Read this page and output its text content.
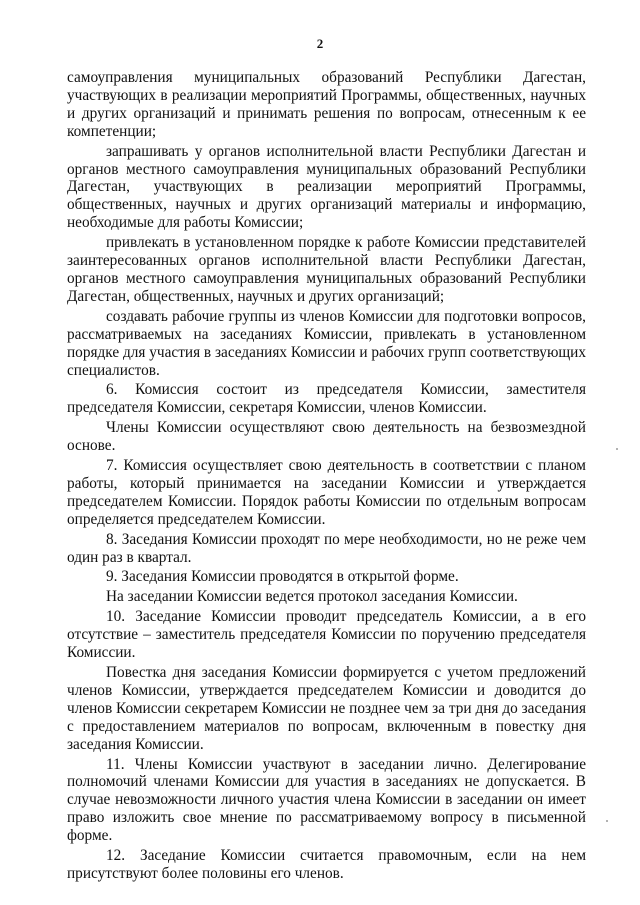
2

самоуправления муниципальных образований Республики Дагестан, участвующих в реализации мероприятий Программы, общественных, научных и других организаций и принимать решения по вопросам, отнесенным к ее компетенции;

запрашивать у органов исполнительной власти Республики Дагестан и органов местного самоуправления муниципальных образований Республики Дагестан, участвующих в реализации мероприятий Программы, общественных, научных и других организаций материалы и информацию, необходимые для работы Комиссии;

привлекать в установленном порядке к работе Комиссии представителей заинтересованных органов исполнительной власти Республики Дагестан, органов местного самоуправления муниципальных образований Республики Дагестан, общественных, научных и других организаций;

создавать рабочие группы из членов Комиссии для подготовки вопросов, рассматриваемых на заседаниях Комиссии, привлекать в установленном порядке для участия в заседаниях Комиссии и рабочих групп соответствующих специалистов.

6. Комиссия состоит из председателя Комиссии, заместителя председателя Комиссии, секретаря Комиссии, членов Комиссии.

Члены Комиссии осуществляют свою деятельность на безвозмездной основе.

7. Комиссия осуществляет свою деятельность в соответствии с планом работы, который принимается на заседании Комиссии и утверждается председателем Комиссии. Порядок работы Комиссии по отдельным вопросам определяется председателем Комиссии.

8. Заседания Комиссии проходят по мере необходимости, но не реже чем один раз в квартал.

9. Заседания Комиссии проводятся в открытой форме.

На заседании Комиссии ведется протокол заседания Комиссии.

10. Заседание Комиссии проводит председатель Комиссии, а в его отсутствие – заместитель председателя Комиссии по поручению председателя Комиссии.

Повестка дня заседания Комиссии формируется с учетом предложений членов Комиссии, утверждается председателем Комиссии и доводится до членов Комиссии секретарем Комиссии не позднее чем за три дня до заседания с предоставлением материалов по вопросам, включенным в повестку дня заседания Комиссии.

11. Члены Комиссии участвуют в заседании лично. Делегирование полномочий членами Комиссии для участия в заседаниях не допускается. В случае невозможности личного участия члена Комиссии в заседании он имеет право изложить свое мнение по рассматриваемому вопросу в письменной форме.

12. Заседание Комиссии считается правомочным, если на нем присутствуют более половины его членов.
